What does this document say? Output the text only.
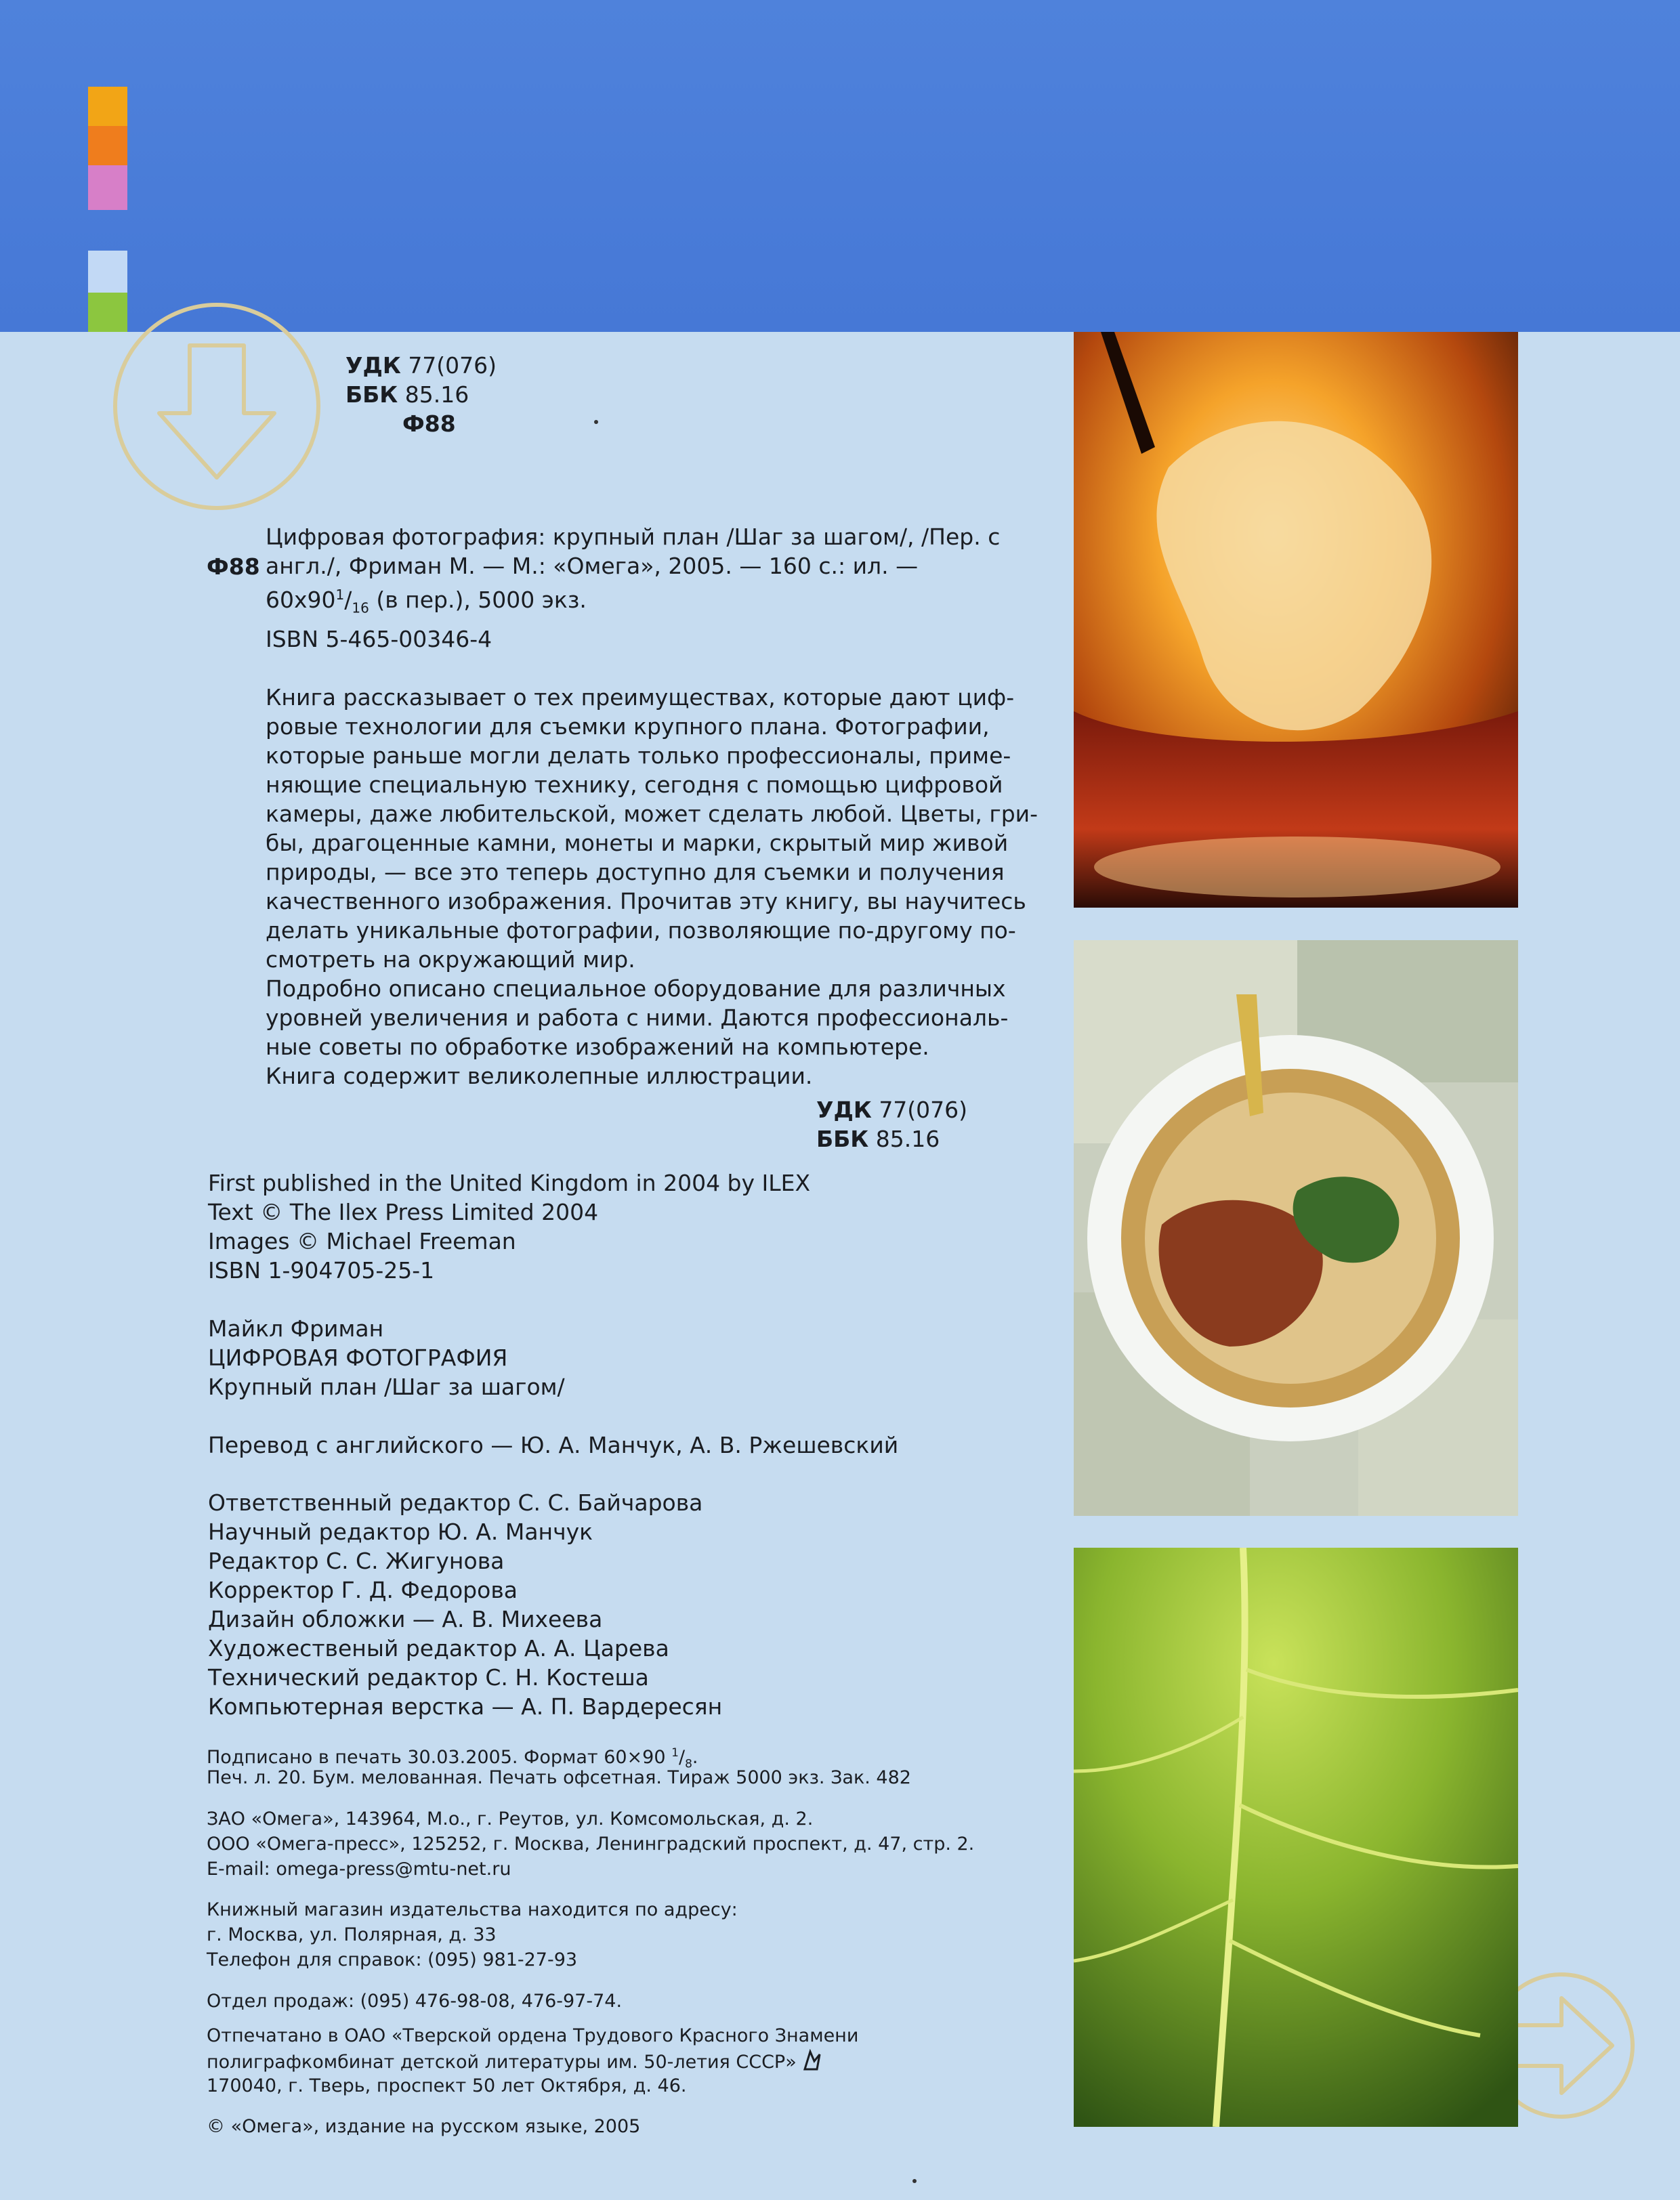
УДК 77(076)
ББК 85.16
Ф88
Ф88
Цифровая фотография: крупный план /Шаг за шагом/, /Пер. с
англ./, Фриман М. — М.: «Омега», 2005. — 160 с.: ил. —
$60x90^1/_{16}$ (в пер.), 5000 экз.
ISBN 5-465-00346-4
Книга рассказывает о тех преимуществах, которые дают циф-
ровые технологии для съемки крупного плана. Фотографии,
которые раньше могли делать только профессионалы, приме-
няющие специальную технику, сегодня с помощью цифровой
камеры, даже любительской, может сделать любой. Цветы, гри-
бы, драгоценные камни, монеты и марки, скрытый мир живой
природы, — все это теперь доступно для съемки и получения
качественного изображения. Прочитав эту книгу, вы научитесь
делать уникальные фотографии, позволяющие по-другому по-
смотреть на окружающий мир.
Подробно описано специальное оборудование для различных
уровней увеличения и работа с ними. Даются профессиональ-
ные советы по обработке изображений на компьютере.
Книга содержит великолепные иллюстрации.
УДК 77(076)
ББК 85.16
First published in the United Kingdom in 2004 by ILEX
Text © The Ilex Press Limited 2004
Images © Michael Freeman
ISBN 1-904705-25-1
Майкл Фриман
ЦИФРОВАЯ ФОТОГРАФИЯ
Крупный план /Шаг за шагом/
Перевод с английского — Ю. А. Манчук, А. В. Ржешевский
Ответственный редактор С. С. Байчарова
Научный редактор Ю. А. Манчук
Редактор С. С. Жигунова
Корректор Г. Д. Федорова
Дизайн обложки — А. В. Михеева
Художественый редактор А. А. Царева
Технический редактор С. Н. Костеша
Компьютерная верстка — А. П. Вардересян
Подписано в печать 30.03.2005. Формат 60×90 $^1/_8$.
Печ. л. 20. Бум. мелованная. Печать офсетная. Тираж 5000 экз. Зак. 482
ЗАО «Омега», 143964, М.о., г. Реутов, ул. Комсомольская, д. 2.
ООО «Омега-пресс», 125252, г. Москва, Ленинградский проспект, д. 47, стр. 2.
E-mail: omega-press@mtu-net.ru
Книжный магазин издательства находится по адресу:
г. Москва, ул. Полярная, д. 33
Телефон для справок: (095) 981-27-93
Отдел продаж: (095) 476-98-08, 476-97-74.
Отпечатано в ОАО «Тверской ордена Трудового Красного Знамени
полиграфкомбинат детской литературы им. 50-летия СССР»
170040, г. Тверь, проспект 50 лет Октября, д. 46.
© «Омега», издание на русском языке, 2005
